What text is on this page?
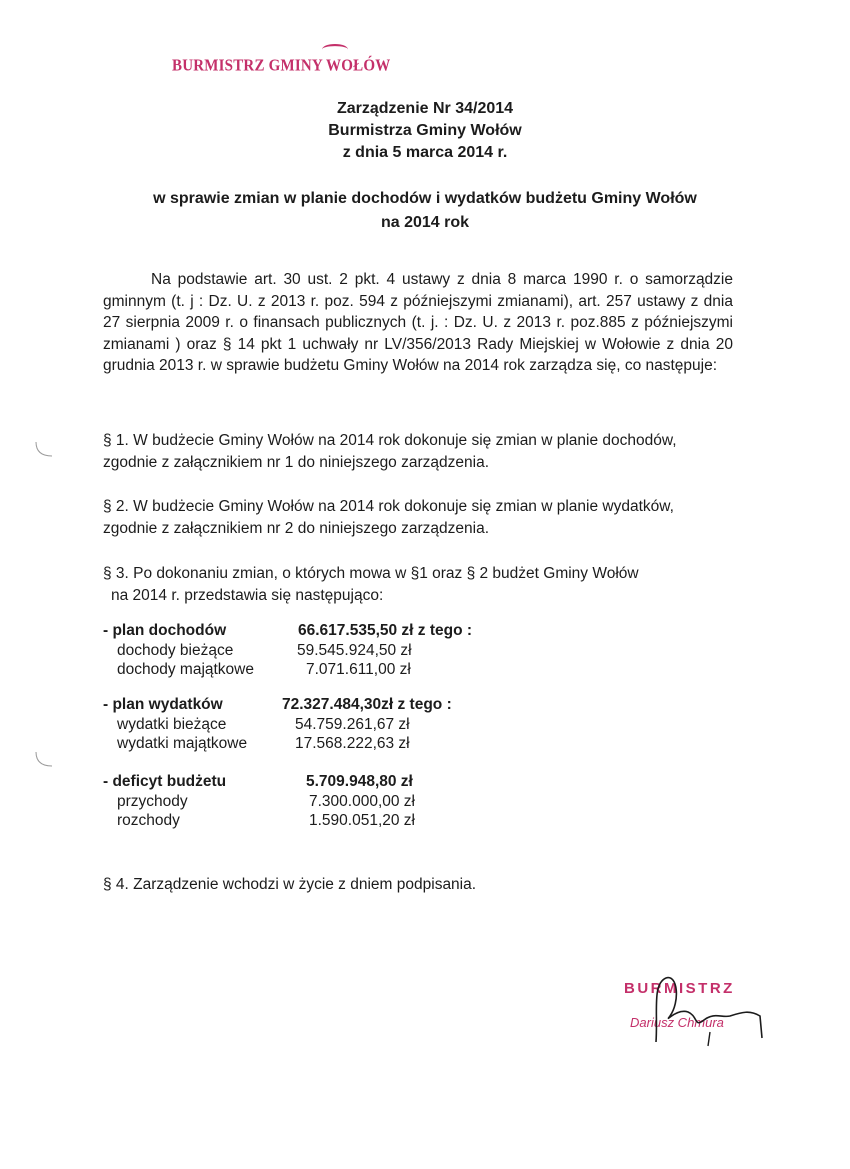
BURMISTRZ GMINY WOŁÓW
Zarządzenie Nr 34/2014
Burmistrza Gminy Wołów
z dnia 5 marca 2014 r.
w sprawie zmian w planie dochodów i wydatków budżetu Gminy Wołów
na 2014 rok
Na podstawie art. 30 ust. 2 pkt. 4 ustawy z dnia 8 marca 1990 r. o samorządzie gminnym (t. j : Dz. U. z 2013 r. poz. 594 z późniejszymi zmianami), art. 257 ustawy z dnia 27 sierpnia 2009 r. o finansach publicznych (t. j. : Dz. U. z 2013 r. poz.885 z późniejszymi zmianami ) oraz § 14 pkt 1 uchwały nr LV/356/2013 Rady Miejskiej w Wołowie z dnia 20 grudnia 2013 r. w sprawie budżetu Gminy Wołów na 2014 rok zarządza się, co następuje:
§ 1. W budżecie Gminy Wołów na 2014 rok dokonuje się zmian w planie dochodów,
zgodnie z załącznikiem nr 1 do niniejszego zarządzenia.
§ 2. W budżecie Gminy Wołów na 2014 rok dokonuje się zmian w planie wydatków,
zgodnie z załącznikiem nr 2 do niniejszego zarządzenia.
§ 3. Po dokonaniu zmian, o których mowa w §1 oraz § 2 budżet Gminy Wołów
na 2014 r. przedstawia się następująco:
- plan dochodów	66.617.535,50 zł z tego :
dochody bieżące	59.545.924,50 zł
dochody majątkowe	7.071.611,00 zł
- plan wydatków	72.327.484,30zł z tego :
wydatki bieżące	54.759.261,67 zł
wydatki majątkowe	17.568.222,63 zł
- deficyt budżetu	5.709.948,80 zł
przychody	7.300.000,00 zł
rozchody	1.590.051,20 zł
§ 4. Zarządzenie wchodzi w życie z dniem podpisania.
BURMISTRZ
Dariusz Chmura
